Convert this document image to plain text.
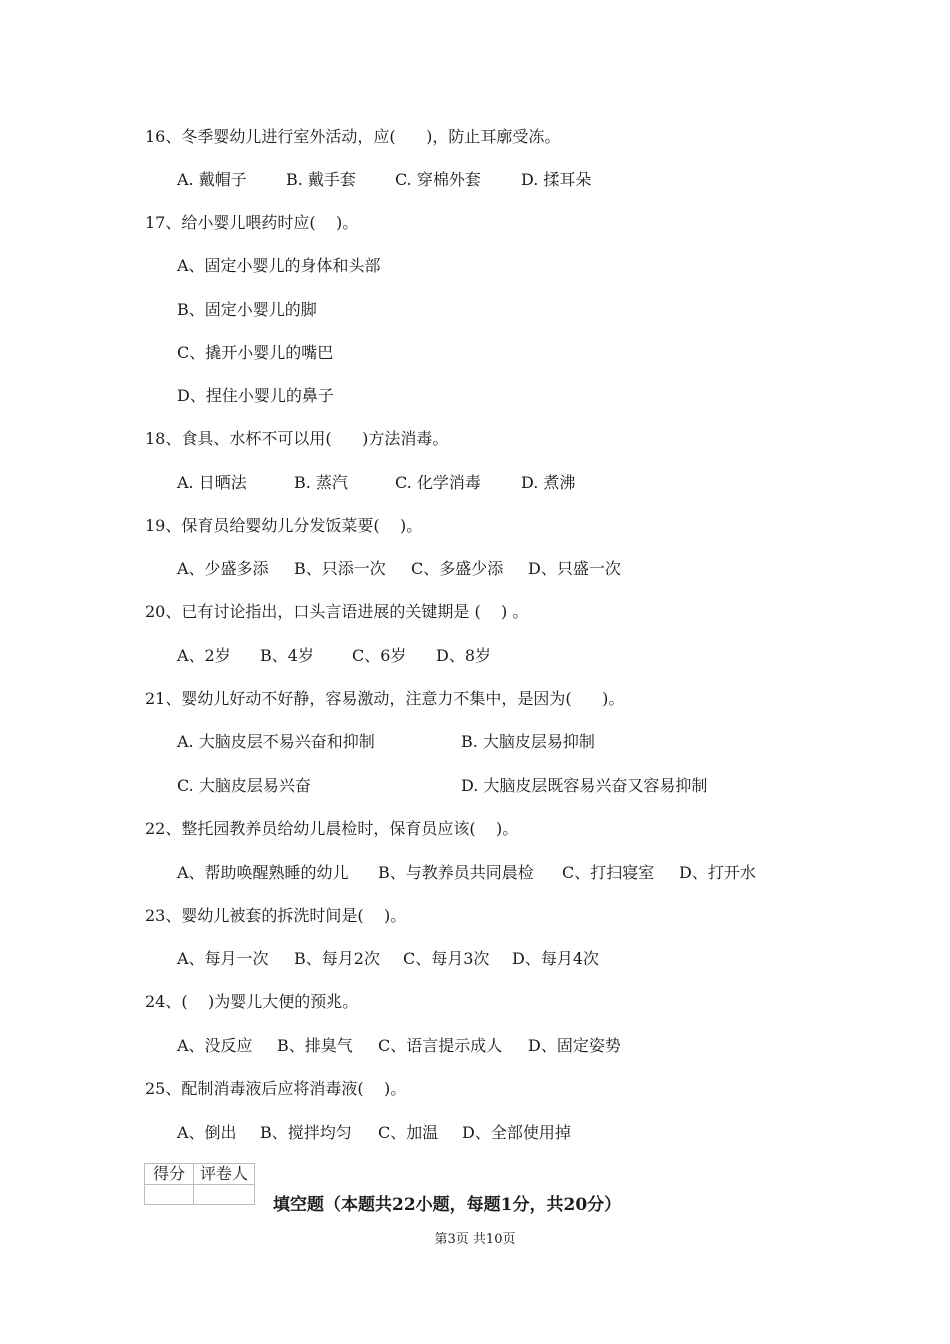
16、冬季婴幼儿进行室外活动，应(      )，防止耳廓受冻。
A. 戴帽子 B. 戴手套 C. 穿棉外套	D. 揉耳朵
17、给小婴儿喂药时应(    )。
A、固定小婴儿的身体和头部
B、固定小婴儿的脚
C、撬开小婴儿的嘴巴
D、捏住小婴儿的鼻子
18、食具、水杯不可以用(      )方法消毒。
A. 日晒法	B. 蒸汽	C. 化学消毒	D. 煮沸
19、保育员给婴幼儿分发饭菜要(    )。
A、少盛多添 B、只添一次 C、多盛少添 D、只盛一次
20、已有讨论指出，口头言语进展的关键期是 (    ) 。
A、2岁 B、4岁 C、6岁 D、8岁
21、婴幼儿好动不好静，容易激动，注意力不集中，是因为(      )。
A. 大脑皮层不易兴奋和抑制	B. 大脑皮层易抑制
C. 大脑皮层易兴奋	D. 大脑皮层既容易兴奋又容易抑制
22、整托园教养员给幼儿晨检时，保育员应该(    )。
A、帮助唤醒熟睡的幼儿 B、与教养员共同晨检 C、打扫寝室 D、打开水
23、婴幼儿被套的拆洗时间是(    )。
A、每月一次 B、每月2次 C、每月3次 D、每月4次
24、(    )为婴儿大便的预兆。
A、没反应 B、排臭气 C、语言提示成人 D、固定姿势
25、配制消毒液后应将消毒液(    )。
A、倒出 B、搅拌均匀 C、加温 D、全部使用掉
得分	评卷人

填空题（本题共22小题，每题1分，共20分）
第3页 共10页
